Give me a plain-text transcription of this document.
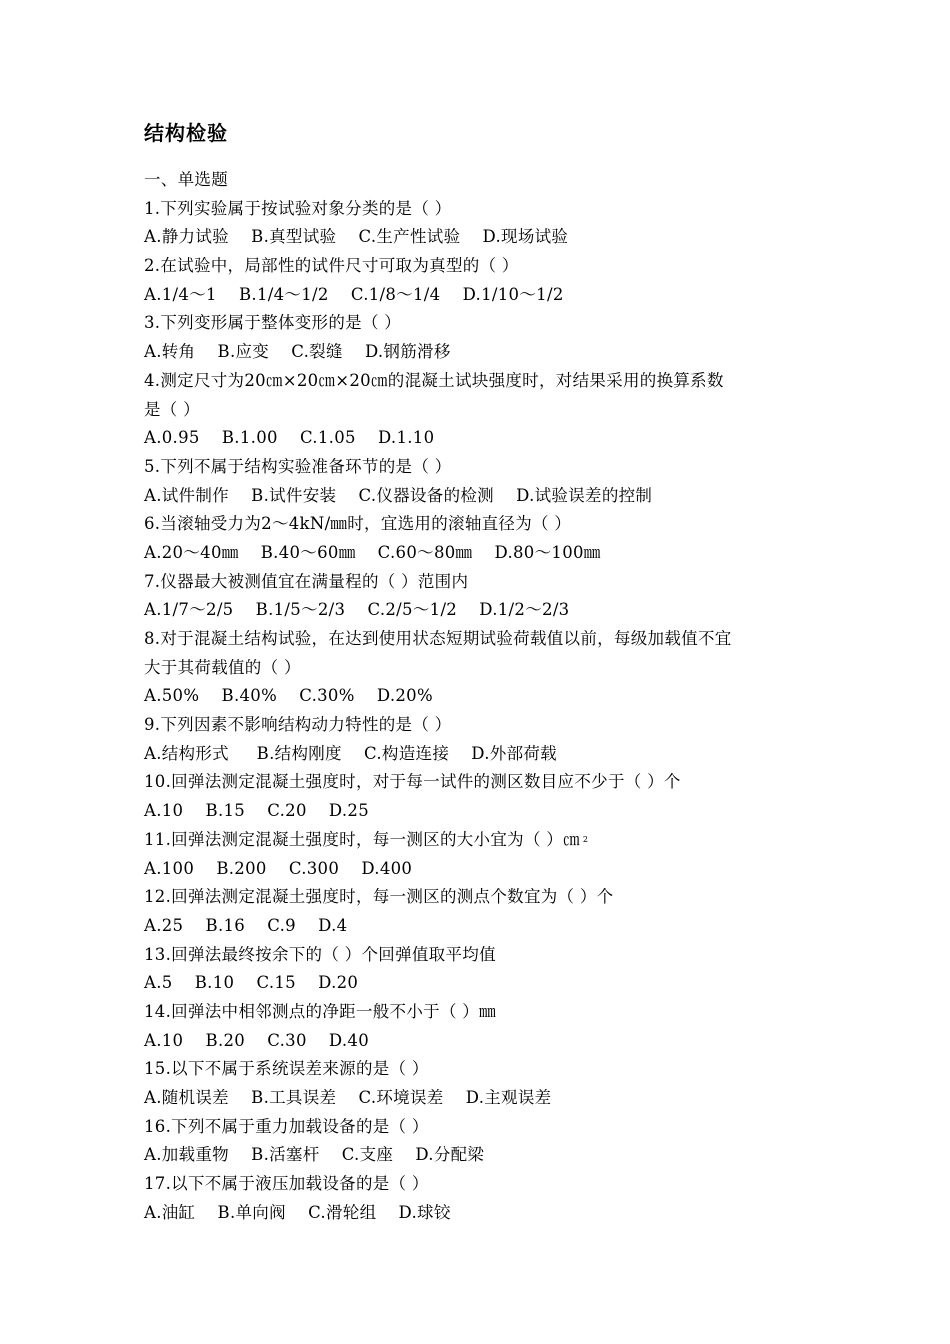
结构检验
一、单选题
1.下列实验属于按试验对象分类的是（ ）
A.静力试验    B.真型试验    C.生产性试验    D.现场试验
2.在试验中，局部性的试件尺寸可取为真型的（ ）
A.1/4～1    B.1/4～1/2    C.1/8～1/4    D.1/10～1/2
3.下列变形属于整体变形的是（ ）
A.转角    B.应变    C.裂缝    D.钢筋滑移
4.测定尺寸为20㎝×20㎝×20㎝的混凝土试块强度时，对结果采用的换算系数
是（ ）
A.0.95    B.1.00    C.1.05    D.1.10
5.下列不属于结构实验准备环节的是（ ）
A.试件制作    B.试件安装    C.仪器设备的检测    D.试验误差的控制
6.当滚轴受力为2～4kN/㎜时，宜选用的滚轴直径为（ ）
A.20～40㎜    B.40～60㎜    C.60～80㎜    D.80～100㎜
7.仪器最大被测值宜在满量程的（ ）范围内
A.1/7～2/5    B.1/5～2/3    C.2/5～1/2    D.1/2～2/3
8.对于混凝土结构试验，在达到使用状态短期试验荷载值以前，每级加载值不宜
大于其荷载值的（ ）
A.50%    B.40%    C.30%    D.20%
9.下列因素不影响结构动力特性的是（ ）
A.结构形式     B.结构刚度    C.构造连接    D.外部荷载
10.回弹法测定混凝土强度时，对于每一试件的测区数目应不少于（ ）个
A.10    B.15    C.20    D.25
11.回弹法测定混凝土强度时，每一测区的大小宜为（ ）㎝ 2
A.100    B.200    C.300    D.400
12.回弹法测定混凝土强度时，每一测区的测点个数宜为（ ）个
A.25    B.16    C.9    D.4
13.回弹法最终按余下的（ ）个回弹值取平均值
A.5    B.10    C.15    D.20
14.回弹法中相邻测点的净距一般不小于（ ）㎜
A.10    B.20    C.30    D.40
15.以下不属于系统误差来源的是（ ）
A.随机误差    B.工具误差    C.环境误差    D.主观误差
16.下列不属于重力加载设备的是（ ）
A.加载重物    B.活塞杆    C.支座    D.分配梁
17.以下不属于液压加载设备的是（ ）
A.油缸    B.单向阀    C.滑轮组    D.球铰
